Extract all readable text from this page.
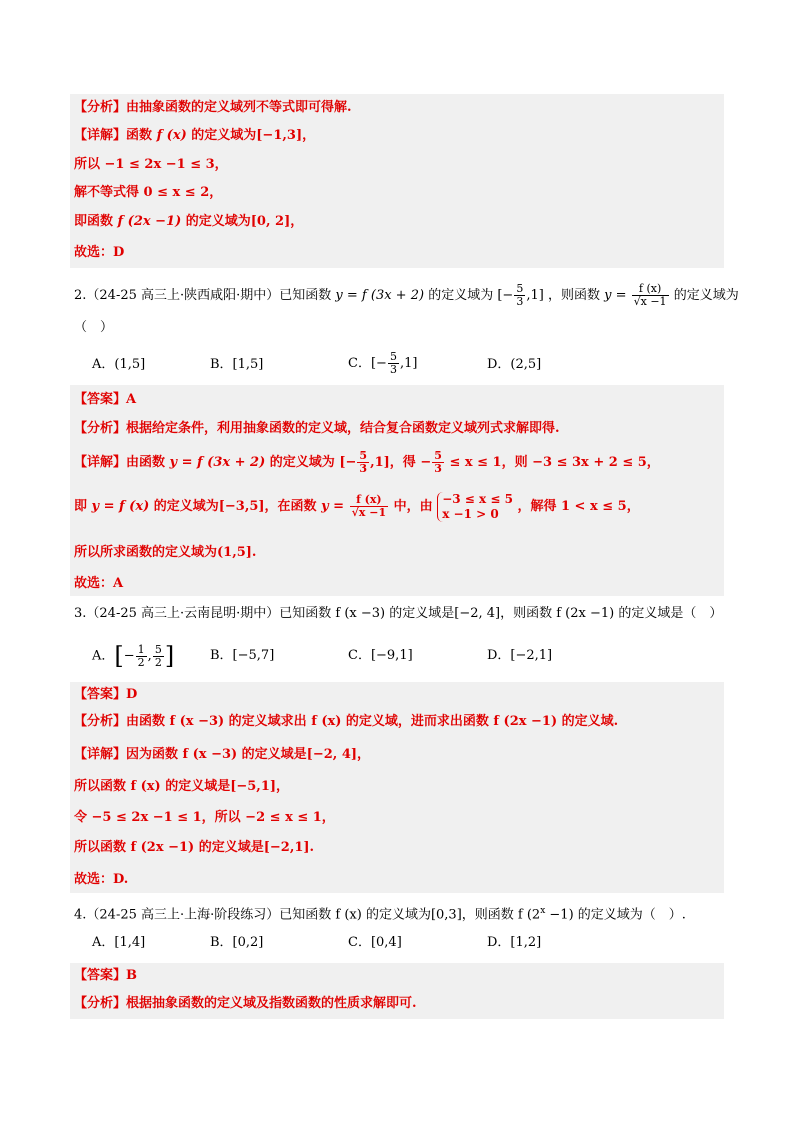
【分析】由抽象函数的定义域列不等式即可得解.
【详解】函数 f (x) 的定义域为[−1,3]，
所以 −1 ≤ 2x −1 ≤ 3，
解不等式得 0 ≤ x ≤ 2，
即函数 f (2x −1) 的定义域为[0, 2]，
故选：D
2.（24-25 高三上·陕西咸阳·期中）已知函数 y = f (3x + 2) 的定义域为 [− $\frac{5}{3} ,1$] ，则函数 $y = \frac{f (x)}{√x -1}$ 的定义域为
（　）
A．(1,5]	B．[1,5]	C．[− $\frac{5}{3} ,1$]	D．(2,5]
【答案】A
【分析】根据给定条件，利用抽象函数的定义域，结合复合函数定义域列式求解即得.
【详解】由函数 y = f (3x + 2) 的定义域为 [− $\frac{5}{3} ,1$]，得 − $\frac{5}{3} \le x \le 1$，则 −3 ≤ 3x + 2 ≤ 5，
即 y = f (x) 的定义域为[−3,5]，在函数 $y = \frac{f (x)}{√x -1}$ 中，由
−3 ≤ x ≤ 5
x −1 > 0	，解得 1 < x ≤ 5，
所以所求函数的定义域为(1,5].
故选：A
3.（24-25 高三上·云南昆明·期中）已知函数 f (x −3) 的定义域是[−2, 4]，则函数 f (2x −1) 的定义域是（　）
A．[− $\frac{1}{2}$ , $\frac{5}{2}$ ]	B．[−5,7]	C．[−9,1]	D．[−2,1]
【答案】D
【分析】由函数 f (x −3) 的定义域求出 f (x) 的定义域，进而求出函数 f (2x −1) 的定义域.
【详解】因为函数 f (x −3) 的定义域是[−2, 4]，
所以函数 f (x) 的定义域是[−5,1]，
令 −5 ≤ 2x −1 ≤ 1，所以 −2 ≤ x ≤ 1，
所以函数 f (2x −1) 的定义域是[−2,1].
故选：D.
4.（24-25 高三上·上海·阶段练习）已知函数 f (x) 的定义域为[0,3]，则函数 f $(2^x -1)$ 的定义域为（　）.
A．[1,4]	B．[0,2]	C．[0,4]	D．[1,2]
【答案】B
【分析】根据抽象函数的定义域及指数函数的性质求解即可.
